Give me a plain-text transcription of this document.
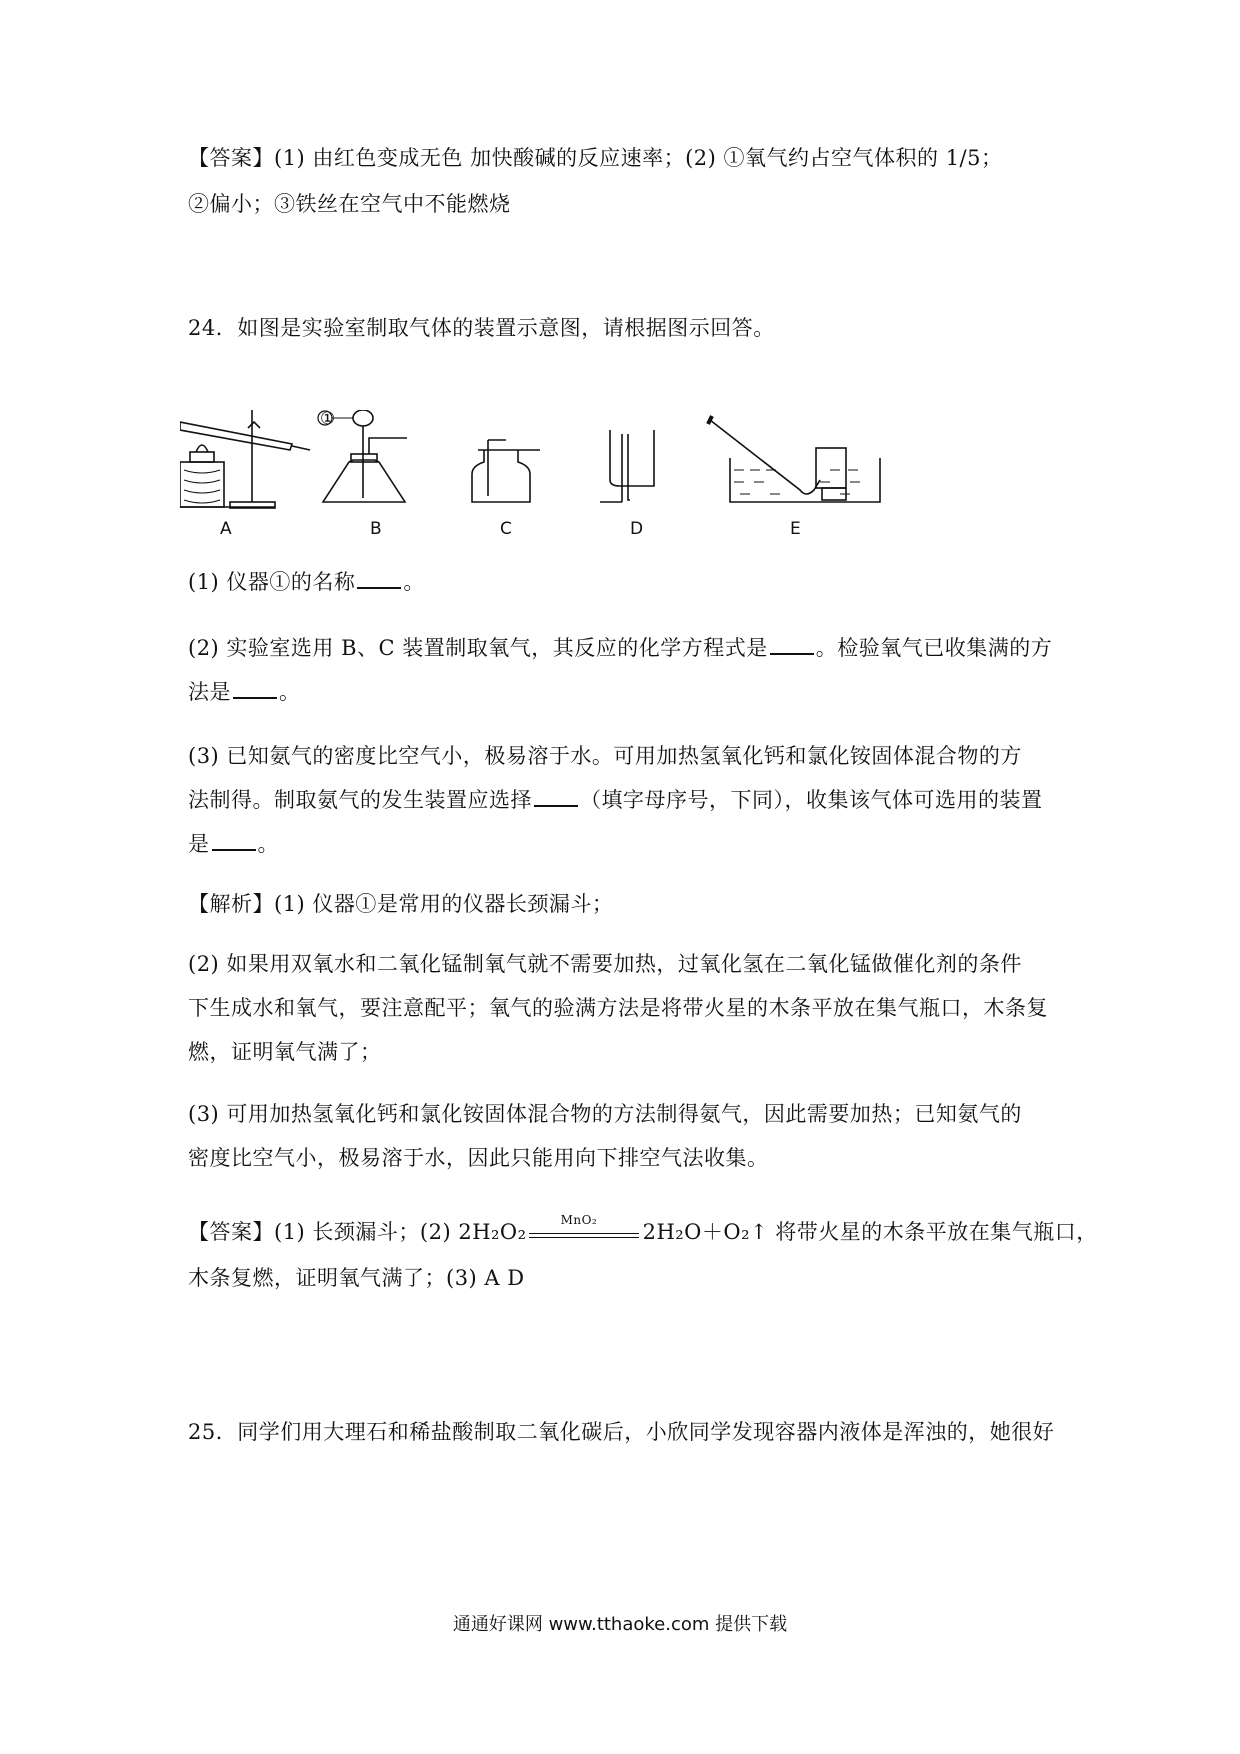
【答案】(1) 由红色变成无色 加快酸碱的反应速率；(2) ①氧气约占空气体积的 1/5；
②偏小；③铁丝在空气中不能燃烧
24．如图是实验室制取气体的装置示意图，请根据图示回答。
A	B	C	D	E
①
(1) 仪器①的名称 。
(2) 实验室选用 B、C 装置制取氧气，其反应的化学方程式是 。检验氧气已收集满的方
法是 。
(3) 已知氨气的密度比空气小，极易溶于水。可用加热氢氧化钙和氯化铵固体混合物的方
法制得。制取氨气的发生装置应选择 （填字母序号，下同），收集该气体可选用的装置
是 。
【解析】(1) 仪器①是常用的仪器长颈漏斗；
(2) 如果用双氧水和二氧化锰制氧气就不需要加热，过氧化氢在二氧化锰做催化剂的条件
下生成水和氧气，要注意配平；氧气的验满方法是将带火星的木条平放在集气瓶口，木条复
燃，证明氧气满了；
(3) 可用加热氢氧化钙和氯化铵固体混合物的方法制得氨气，因此需要加热；已知氨气的
密度比空气小，极易溶于水，因此只能用向下排空气法收集。
【答案】(1) 长颈漏斗；(2) 2H₂O₂
MnO₂
2H₂O＋O₂↑ 将带火星的木条平放在集气瓶口，
木条复燃，证明氧气满了；(3) A D
25．同学们用大理石和稀盐酸制取二氧化碳后，小欣同学发现容器内液体是浑浊的，她很好
通通好课网 www.tthaoke.com 提供下载
